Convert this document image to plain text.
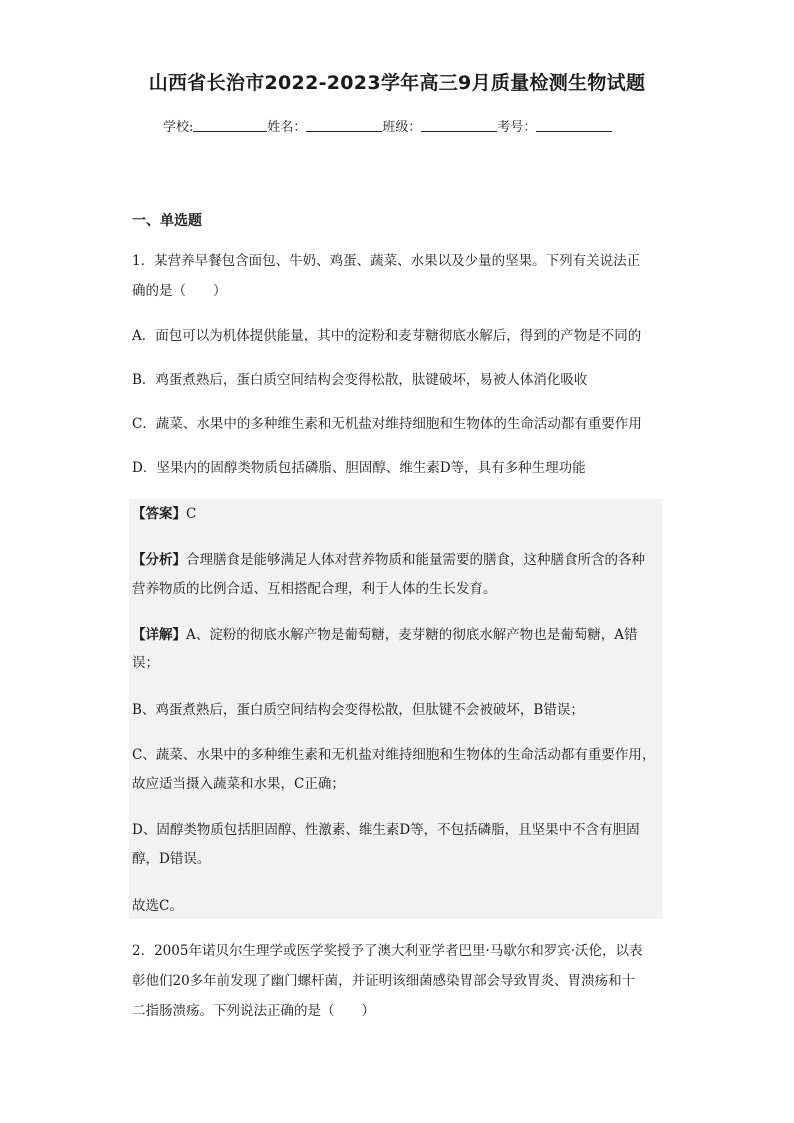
山西省长治市2022-2023学年高三9月质量检测生物试题
学校:	姓名：	班级：	考号：
一、单选题
1．某营养早餐包含面包、牛奶、鸡蛋、蔬菜、水果以及少量的坚果。下列有关说法正
确的是（　　）
A．面包可以为机体提供能量，其中的淀粉和麦芽糖彻底水解后，得到的产物是不同的
B．鸡蛋煮熟后，蛋白质空间结构会变得松散，肽键破坏，易被人体消化吸收
C．蔬菜、水果中的多种维生素和无机盐对维持细胞和生物体的生命活动都有重要作用
D．坚果内的固醇类物质包括磷脂、胆固醇、维生素D等，具有多种生理功能
【答案】C
【分析】合理膳食是能够满足人体对营养物质和能量需要的膳食，这种膳食所含的各种
营养物质的比例合适、互相搭配合理，利于人体的生长发育。
【详解】A、淀粉的彻底水解产物是葡萄糖，麦芽糖的彻底水解产物也是葡萄糖，A错
误；
B、鸡蛋煮熟后，蛋白质空间结构会变得松散，但肽键不会被破坏，B错误；
C、蔬菜、水果中的多种维生素和无机盐对维持细胞和生物体的生命活动都有重要作用，
故应适当摄入蔬菜和水果，C正确；
D、固醇类物质包括胆固醇、性激素、维生素D等，不包括磷脂，且坚果中不含有胆固
醇，D错误。
故选C。
2．2005年诺贝尔生理学或医学奖授予了澳大利亚学者巴里·马歇尔和罗宾·沃伦，以表
彰他们20多年前发现了幽门螺杆菌，并证明该细菌感染胃部会导致胃炎、胃溃疡和十
二指肠溃疡。下列说法正确的是（　　）
